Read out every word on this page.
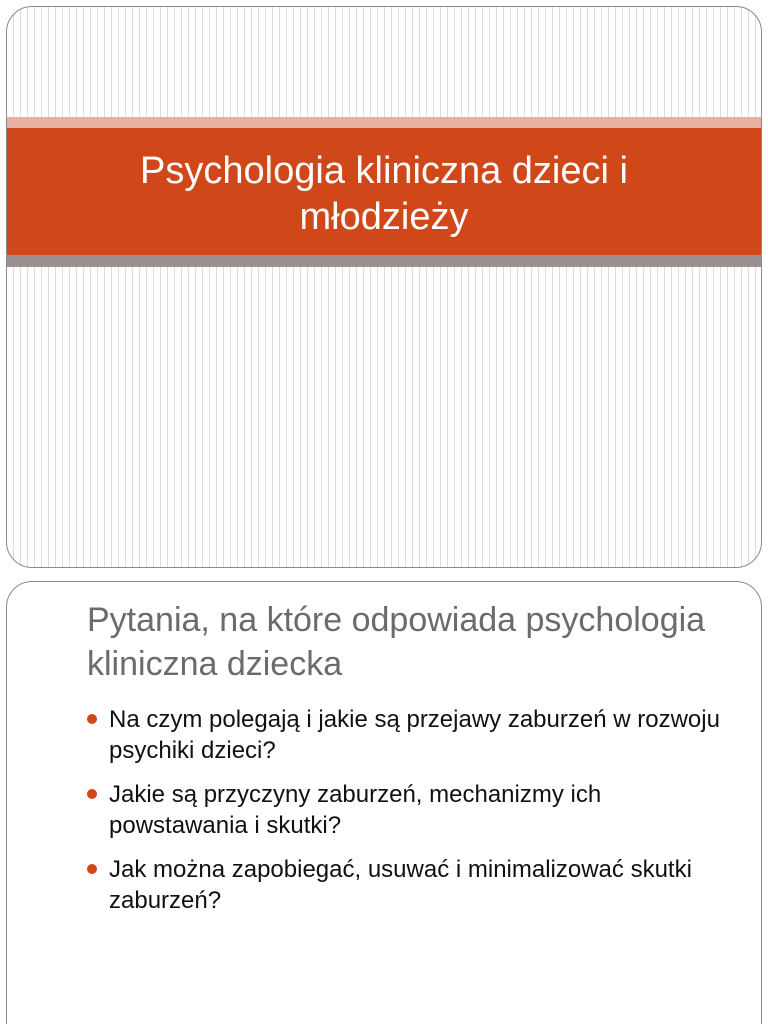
Psychologia kliniczna dzieci i młodzieży
Pytania, na które odpowiada psychologia kliniczna dziecka
Na czym polegają i jakie są przejawy zaburzeń w rozwoju psychiki dzieci?
Jakie są przyczyny zaburzeń, mechanizmy ich powstawania i skutki?
Jak można zapobiegać, usuwać i minimalizować skutki zaburzeń?
